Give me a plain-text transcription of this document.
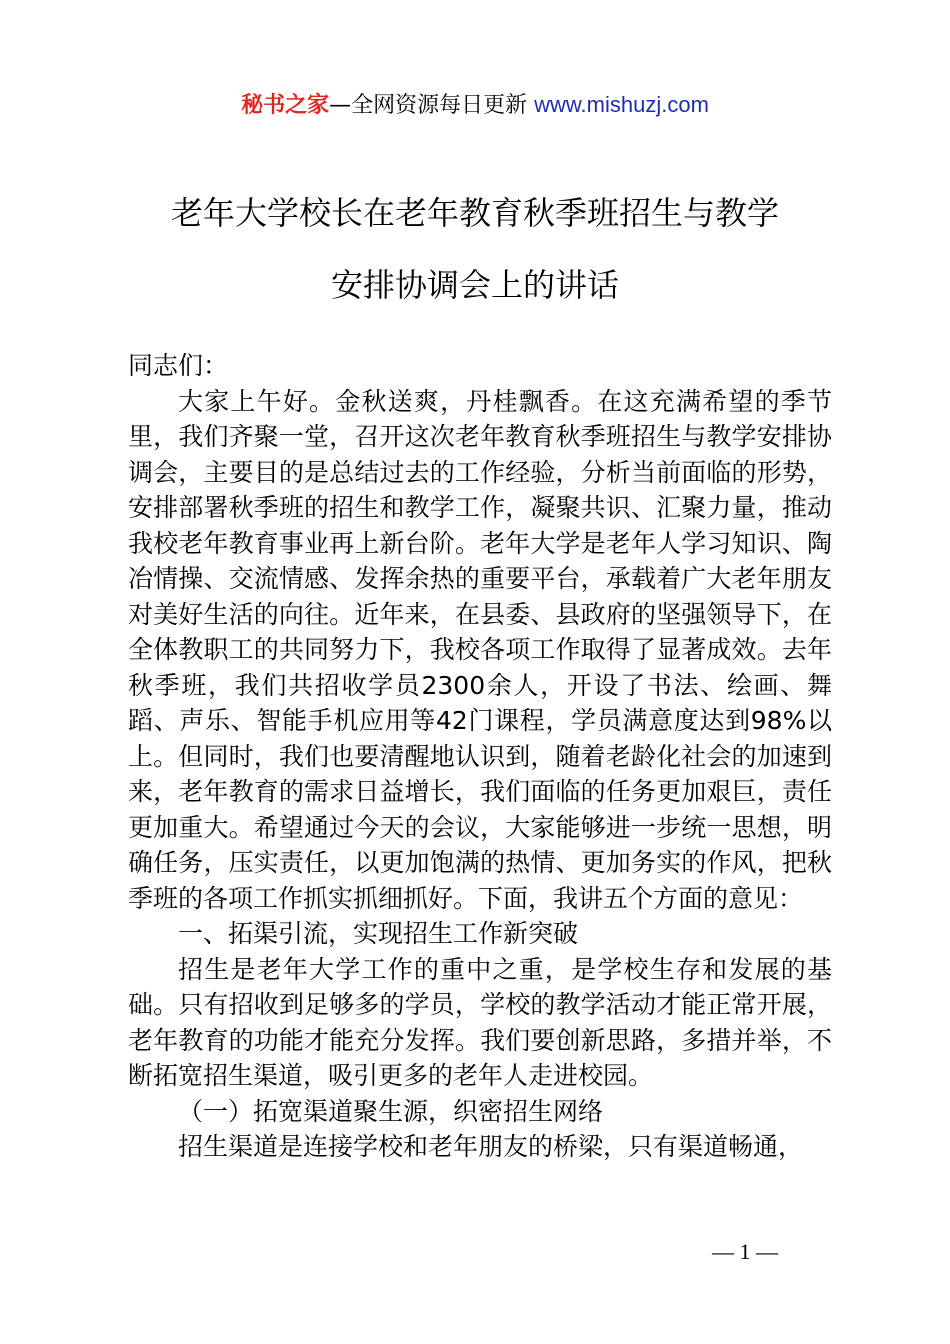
秘书之家—全网资源每日更新 www.mishuzj.com
老年大学校长在老年教育秋季班招生与教学
安排协调会上的讲话

同志们：

大家上午好。金秋送爽，丹桂飘香。在这充满希望的季节里，我们齐聚一堂，召开这次老年教育秋季班招生与教学安排协调会，主要目的是总结过去的工作经验，分析当前面临的形势，安排部署秋季班的招生和教学工作，凝聚共识、汇聚力量，推动我校老年教育事业再上新台阶。老年大学是老年人学习知识、陶冶情操、交流情感、发挥余热的重要平台，承载着广大老年朋友对美好生活的向往。近年来，在县委、县政府的坚强领导下，在全体教职工的共同努力下，我校各项工作取得了显著成效。去年秋季班，我们共招收学员2300余人，开设了书法、绘画、舞蹈、声乐、智能手机应用等42门课程，学员满意度达到98%以上。但同时，我们也要清醒地认识到，随着老龄化社会的加速到来，老年教育的需求日益增长，我们面临的任务更加艰巨，责任更加重大。希望通过今天的会议，大家能够进一步统一思想，明确任务，压实责任，以更加饱满的热情、更加务实的作风，把秋季班的各项工作抓实抓细抓好。下面，我讲五个方面的意见：

一、拓渠引流，实现招生工作新突破

招生是老年大学工作的重中之重，是学校生存和发展的基础。只有招收到足够多的学员，学校的教学活动才能正常开展，老年教育的功能才能充分发挥。我们要创新思路，多措并举，不断拓宽招生渠道，吸引更多的老年人走进校园。

（一）拓宽渠道聚生源，织密招生网络

招生渠道是连接学校和老年朋友的桥梁，只有渠道畅通，

— 1 —
